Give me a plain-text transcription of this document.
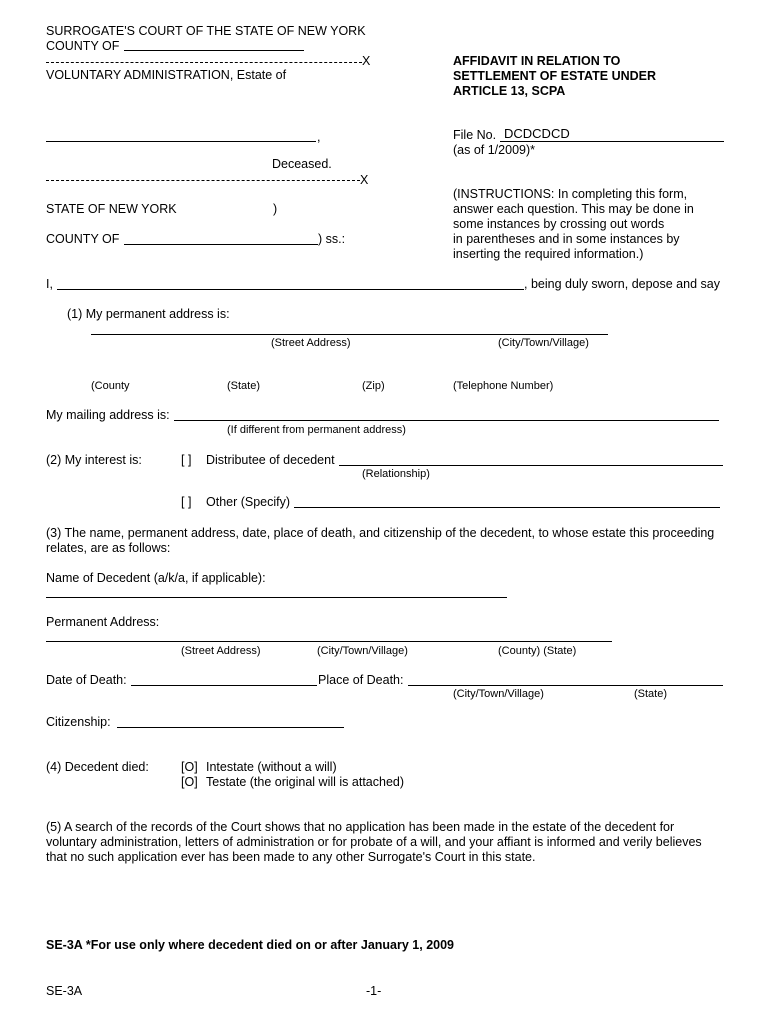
SURROGATE'S COURT OF THE STATE OF NEW YORK
COUNTY OF
X
VOLUNTARY ADMINISTRATION, Estate of
AFFIDAVIT IN RELATION TO
SETTLEMENT OF ESTATE UNDER
ARTICLE 13, SCPA
,	File No. DCDCDCD
(as of 1/2009)*
Deceased.
X
STATE OF NEW YORK	)
COUNTY OF	) ss.:
(INSTRUCTIONS: In completing this form,
answer each question. This may be done in
some instances by crossing out words
in parentheses and in some instances by
inserting the required information.)
I,	, being duly sworn, depose and say
(1) My permanent address is:
(Street Address)	(City/Town/Village)
(County	(State)	(Zip)	(Telephone Number)
My mailing address is:
(If different from permanent address)
(2) My interest is:	[ ] Distributee of decedent
(Relationship)
[ ] Other (Specify)
(3) The name, permanent address, date, place of death, and citizenship of the decedent, to whose estate this proceeding
relates, are as follows:
Name of Decedent (a/k/a, if applicable):
Permanent Address:
(Street Address)	(City/Town/Village)	(County) (State)
Date of Death:	Place of Death:
(City/Town/Village)	(State)
Citizenship:
(4) Decedent died:	[O] Intestate (without a will)
[O] Testate (the original will is attached)
(5) A search of the records of the Court shows that no application has been made in the estate of the decedent for
voluntary administration, letters of administration or for probate of a will, and your affiant is informed and verily believes
that no such application ever has been made to any other Surrogate's Court in this state.
SE-3A *For use only where decedent died on or after January 1, 2009
SE-3A	-1-
